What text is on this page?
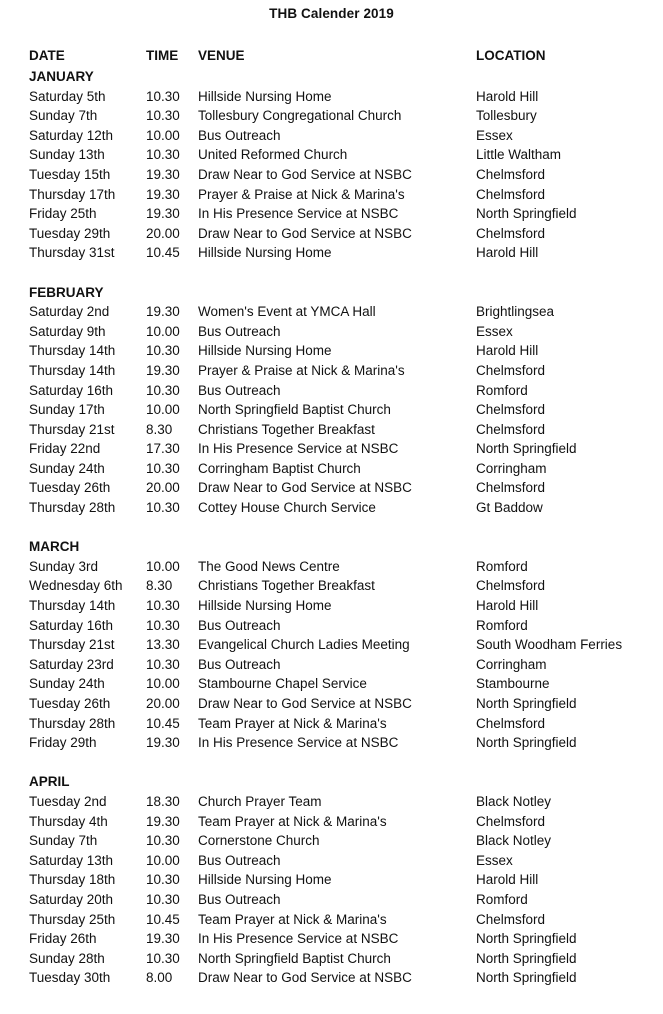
THB Calender 2019
DATE	TIME VENUE	LOCATION
JANUARY
Saturday 5th	10.30 Hillside Nursing Home	Harold Hill
Sunday 7th	10.30 Tollesbury Congregational Church	Tollesbury
Saturday 12th 10.00 Bus Outreach	Essex
Sunday 13th	10.30 United Reformed Church	Little Waltham
Tuesday 15th	19.30 Draw Near to God Service at NSBC	Chelmsford
Thursday 17th 19.30 Prayer & Praise at Nick & Marina's	Chelmsford
Friday 25th	19.30 In His Presence Service at NSBC	North Springfield
Tuesday 29th	20.00 Draw Near to God Service at NSBC	Chelmsford
Thursday 31st 10.45 Hillside Nursing Home	Harold Hill
FEBRUARY
Saturday 2nd	19.30 Women's Event at YMCA Hall	Brightlingsea
Saturday 9th	10.00 Bus Outreach	Essex
Thursday 14th 10.30 Hillside Nursing Home	Harold Hill
Thursday 14th 19.30 Prayer & Praise at Nick & Marina's	Chelmsford
Saturday 16th 10.30 Bus Outreach	Romford
Sunday 17th	10.00 North Springfield Baptist Church	Chelmsford
Thursday 21st 8.30 Christians Together Breakfast	Chelmsford
Friday 22nd	17.30 In His Presence Service at NSBC	North Springfield
Sunday 24th	10.30 Corringham Baptist Church	Corringham
Tuesday 26th	20.00 Draw Near to God Service at NSBC	Chelmsford
Thursday 28th 10.30 Cottey House Church Service	Gt Baddow
MARCH
Sunday 3rd	10.00 The Good News Centre	Romford
Wednesday 6th 8.30 Christians Together Breakfast	Chelmsford
Thursday 14th 10.30 Hillside Nursing Home	Harold Hill
Saturday 16th 10.30 Bus Outreach	Romford
Thursday 21st 13.30 Evangelical Church Ladies Meeting	South Woodham Ferries
Saturday 23rd 10.30 Bus Outreach	Corringham
Sunday 24th	10.00 Stambourne Chapel Service	Stambourne
Tuesday 26th	20.00 Draw Near to God Service at NSBC	North Springfield
Thursday 28th 10.45 Team Prayer at Nick & Marina's	Chelmsford
Friday 29th	19.30 In His Presence Service at NSBC	North Springfield
APRIL
Tuesday 2nd	18.30 Church Prayer Team	Black Notley
Thursday 4th	19.30 Team Prayer at Nick & Marina's	Chelmsford
Sunday 7th	10.30 Cornerstone Church	Black Notley
Saturday 13th 10.00 Bus Outreach	Essex
Thursday 18th 10.30 Hillside Nursing Home	Harold Hill
Saturday 20th 10.30 Bus Outreach	Romford
Thursday 25th 10.45 Team Prayer at Nick & Marina's	Chelmsford
Friday 26th	19.30 In His Presence Service at NSBC	North Springfield
Sunday 28th	10.30 North Springfield Baptist Church	North Springfield
Tuesday 30th	8.00 Draw Near to God Service at NSBC	North Springfield
